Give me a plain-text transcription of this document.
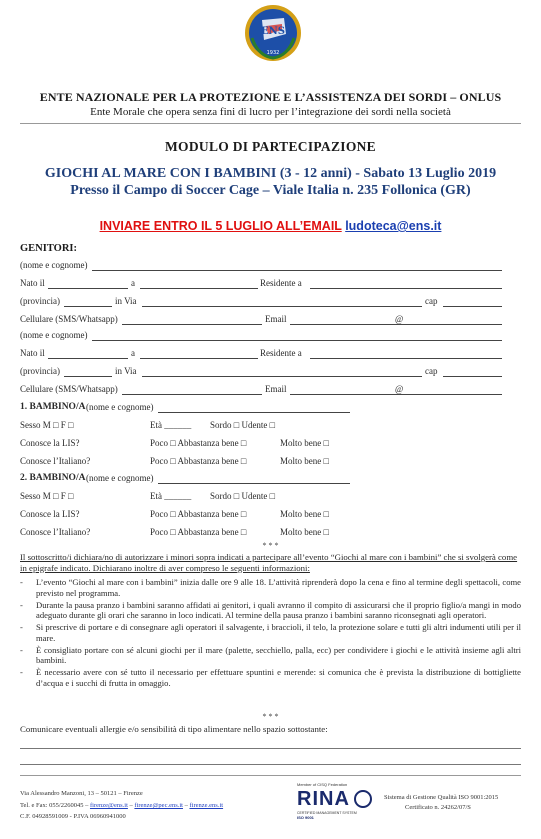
ENS
1932
ENTE NAZIONALE PER LA PROTEZIONE E L’ASSISTENZA DEI SORDI – ONLUS
Ente Morale che opera senza fini di lucro per l’integrazione dei sordi nella società
MODULO DI PARTECIPAZIONE
GIOCHI AL MARE CON I BAMBINI (3 - 12 anni) - Sabato 13 Luglio 2019
Presso il Campo di Soccer Cage – Viale Italia n. 235 Follonica (GR)
INVIARE ENTRO IL 5 LUGLIO ALL’EMAIL ludoteca@ens.it
GENITORI:
(nome e cognome)
Nato il	a	Residente a
(provincia)	in Via	cap
Cellulare (SMS/Whatsapp)	Email	@
(nome e cognome)
Nato il	a	Residente a
(provincia)	in Via	cap
Cellulare (SMS/Whatsapp)	Email	@
1. BAMBINO/A (nome e cognome)
Sesso M □ F □	Età ______ Sordo □ Udente □
Conosce la LIS?	Poco □ Abbastanza bene □	Molto bene □
Conosce l’Italiano?	Poco □ Abbastanza bene □	Molto bene □
2. BAMBINO/A (nome e cognome)
Sesso M □ F □	Età ______ Sordo □ Udente □
Conosce la LIS?	Poco □ Abbastanza bene □	Molto bene □
Conosce l’Italiano?	Poco □ Abbastanza bene □	Molto bene □
* * *
Il sottoscritto/i dichiara/no di autorizzare i minori sopra indicati a partecipare all’evento “Giochi al mare con i bambini” che si svolgerà come in epigrafe indicato. Dichiarano inoltre di aver compreso le seguenti informazioni:
- L’evento “Giochi al mare con i bambini” inizia dalle ore 9 alle 18. L’attività riprenderà dopo la cena e fino al termine degli spettacoli, come previsto nel programma.
- Durante la pausa pranzo i bambini saranno affidati ai genitori, i quali avranno il compito di assicurarsi che il proprio figlio/a mangi in modo adeguato durante gli orari che saranno in loco indicati. Al termine della pausa pranzo i bambini saranno riconsegnati agli operatori.
- Si prescrive di portare e di consegnare agli operatori il salvagente, i braccioli, il telo, la protezione solare e tutti gli altri indumenti utili per il mare.
- È consigliato portare con sé alcuni giochi per il mare (palette, secchiello, palla, ecc) per condividere i giochi e le attività insieme agli altri bambini.
- È necessario avere con sé tutto il necessario per effettuare spuntini e merende: si comunica che è prevista la distribuzione di bottigliette d’acqua e i succhi di frutta in omaggio.
* * *
Comunicare eventuali allergie e/o sensibilità di tipo alimentare nello spazio sottostante:
Via Alessandro Manzoni, 13 – 50121 – Firenze
Tel. e Fax: 055/2260045 – firenze@ens.it – firenze@pec.ens.it – firenze.ens.it
C.F. 04928591009 - P.IVA 06960941000
Member of CISQ Federation
RINA
CERTIFIED MANAGEMENT SYSTEM
ISO 9001
Sistema di Gestione Qualità ISO 9001:2015
Certificato n. 24262/07/S
